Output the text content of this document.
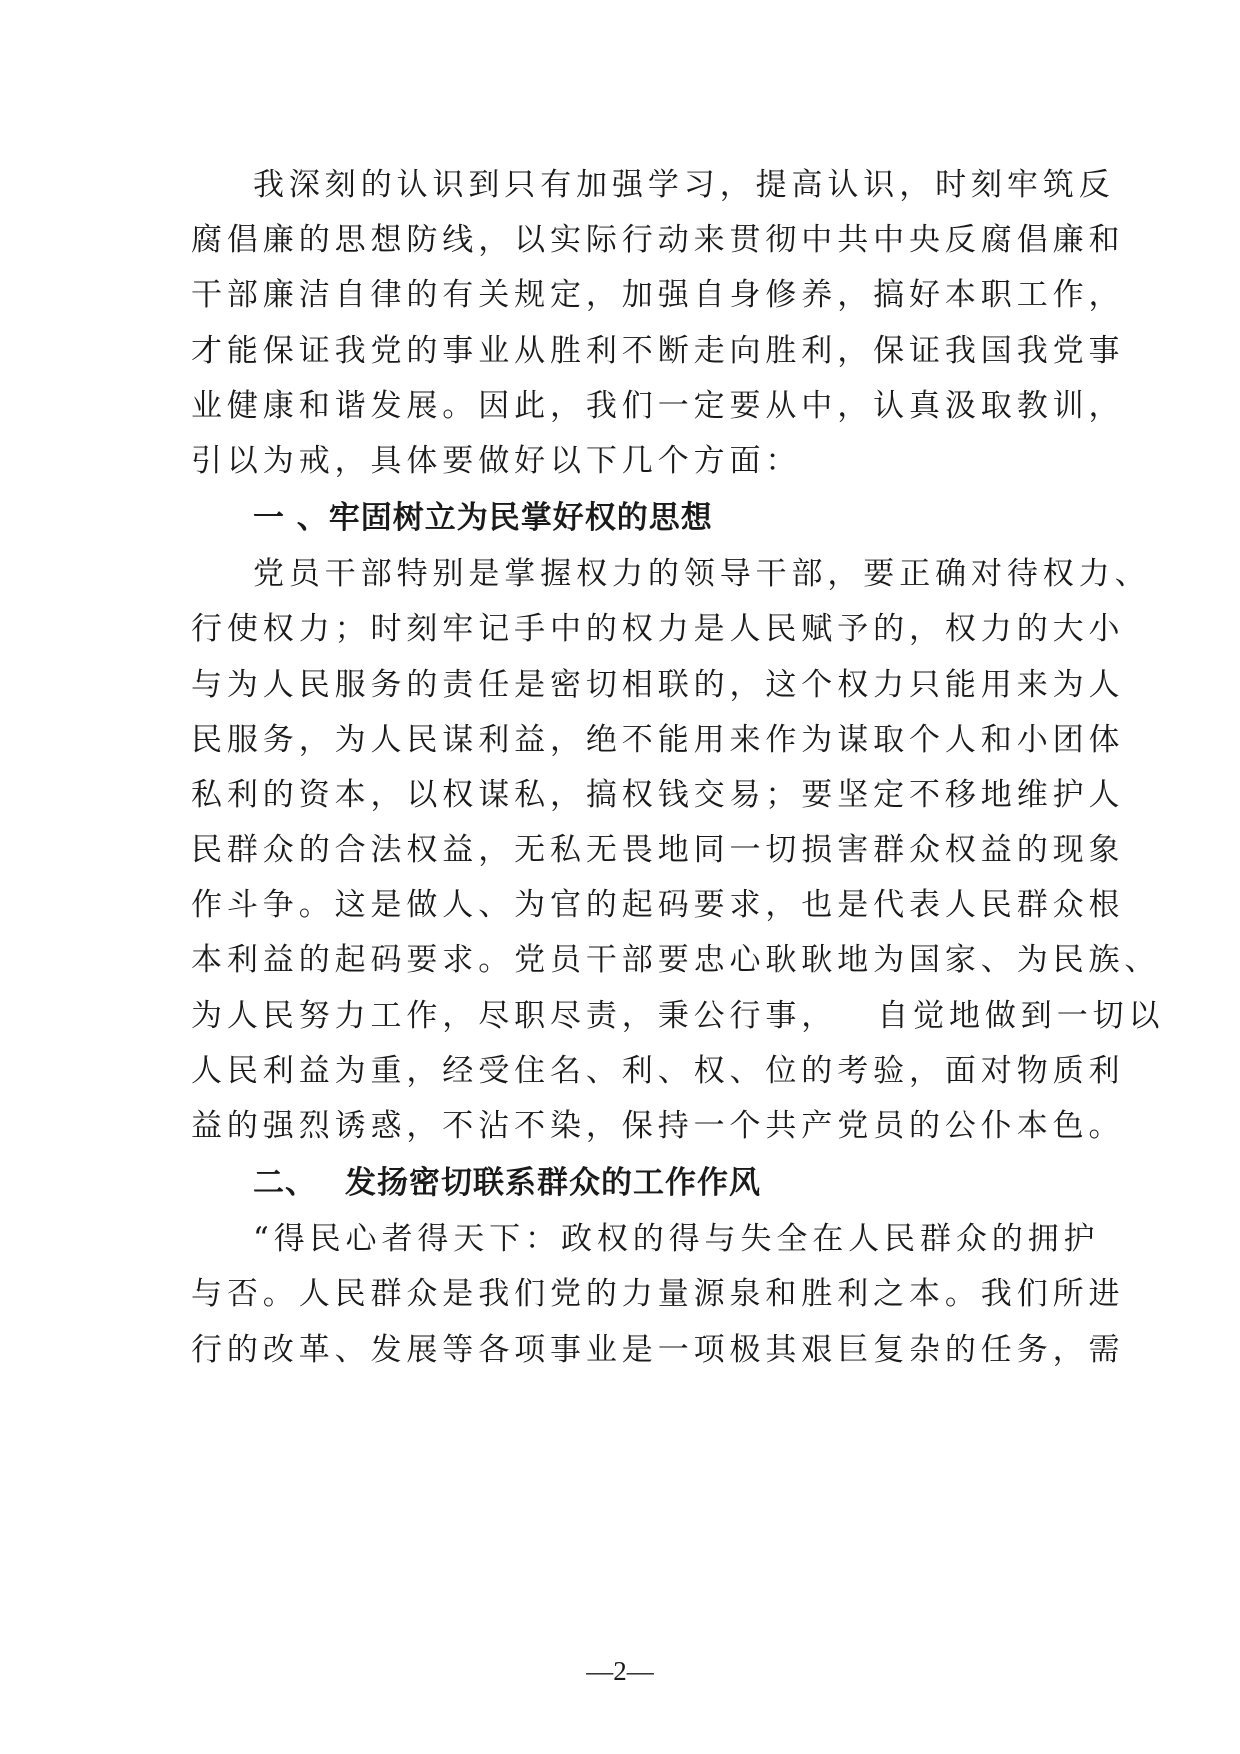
我深刻的认识到只有加强学习，提高认识，时刻牢筑反
腐倡廉的思想防线，以实际行动来贯彻中共中央反腐倡廉和
干部廉洁自律的有关规定，加强自身修养，搞好本职工作，
才能保证我党的事业从胜利不断走向胜利，保证我国我党事
业健康和谐发展。因此，我们一定要从中，认真汲取教训，
引以为戒，具体要做好以下几个方面：
一 、牢固树立为民掌好权的思想
党员干部特别是掌握权力的领导干部，要正确对待权力、
行使权力；时刻牢记手中的权力是人民赋予的，权力的大小
与为人民服务的责任是密切相联的，这个权力只能用来为人
民服务，为人民谋利益，绝不能用来作为谋取个人和小团体
私利的资本，以权谋私，搞权钱交易；要坚定不移地维护人
民群众的合法权益，无私无畏地同一切损害群众权益的现象
作斗争。这是做人、为官的起码要求，也是代表人民群众根
本利益的起码要求。党员干部要忠心耿耿地为国家、为民族、
为人民努力工作，尽职尽责，秉公行事， 自觉地做到一切以
人民利益为重，经受住名、利、权、位的考验，面对物质利
益的强烈诱惑，不沾不染，保持一个共产党员的公仆本色。
二、 发扬密切联系群众的工作作风
“得民心者得天下：政权的得与失全在人民群众的拥护
与否。人民群众是我们党的力量源泉和胜利之本。我们所进
行的改革、发展等各项事业是一项极其艰巨复杂的任务，需
—2—
